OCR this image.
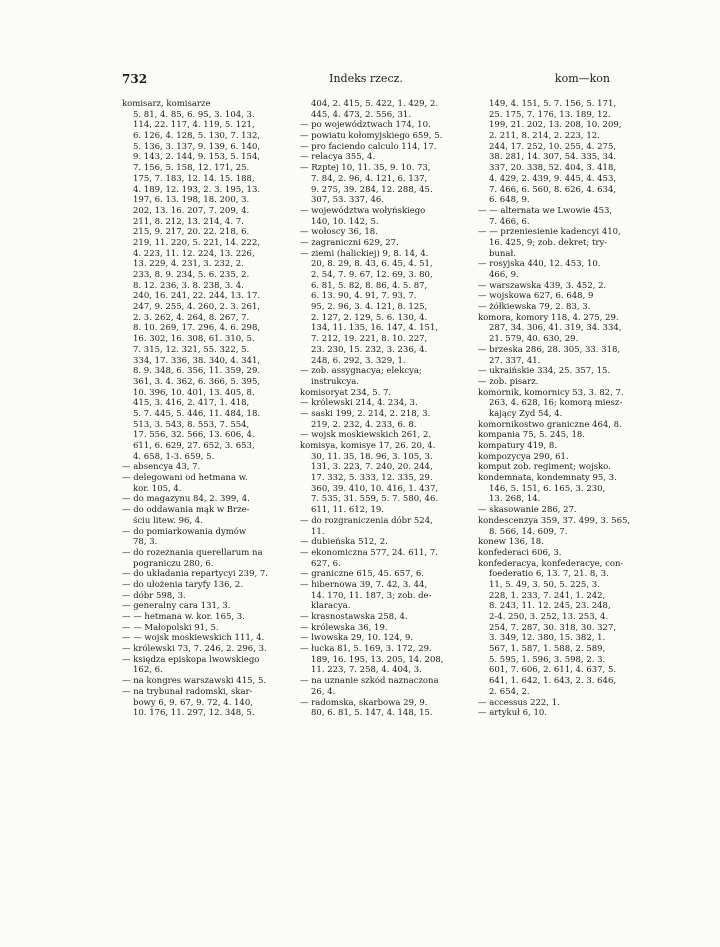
732	Indeks rzecz.	kom—kon
komisarz, komisarze
5. 81, 4. 85, 6. 95, 3. 104, 3.
114, 22. 117, 4. 119, 5. 121,
6. 126, 4. 128, 5. 130, 7. 132,
5. 136, 3. 137, 9. 139, 6. 140,
9. 143, 2. 144, 9. 153, 5. 154,
7. 156, 5. 158, 12. 171, 25.
175, 7. 183, 12. 14. 15. 188,
4. 189, 12. 193, 2. 3. 195, 13.
197, 6. 13. 198, 18. 200, 3.
202, 13. 16. 207, 7. 209, 4.
211, 8. 212, 13. 214, 4. 7.
215, 9. 217, 20. 22. 218, 6.
219, 11. 220, 5. 221, 14. 222,
4. 223, 11. 12. 224, 13. 226,
13. 229, 4. 231, 3. 232, 2.
233, 8. 9. 234, 5. 6. 235, 2.
8. 12. 236, 3. 8. 238, 3. 4.
240, 16. 241, 22. 244, 13. 17.
247, 9. 255, 4. 260, 2. 3. 261,
2. 3. 262, 4. 264, 8. 267, 7.
8. 10. 269, 17. 296, 4. 6. 298,
16. 302, 16. 308, 61. 310, 5.
7. 315, 12. 321, 55. 322, 5.
334, 17. 336, 38. 340, 4. 341,
8. 9. 348, 6. 356, 11. 359, 29.
361, 3. 4. 362, 6. 366, 5. 395,
10. 396, 10. 401, 13. 405, 8.
415, 3. 416, 2. 417, 1. 418,
5. 7. 445, 5. 446, 11. 484, 18.
513, 3. 543, 8. 553, 7. 554,
17. 556, 32. 566, 13. 606, 4.
611, 6. 629, 27. 652, 3. 653,
4. 658, 1-3. 659, 5.
— absencya 43, 7.
— delegowani od hetmana w.
kor. 105, 4.
— do magazynu 84, 2. 399, 4.
— do oddawania mąk w Brze-
ściu litew. 96, 4.
— do pomiarkowania dymów
78, 3.
— do rozeznania querellarum na
pograniczu 280, 6.
— do układania repartycyi 239, 7.
— do ułożenia taryfy 136, 2.
— dóbr 598, 3.
— generalny cara 131, 3.
— — hetmana w. kor. 165, 3.
— — Małopolski 91, 5.
— — wojsk moskiewskich 111, 4.
— królewski 73, 7. 246, 2. 296, 3.
— księdza episkopa lwowskiego
162, 6.
— na kongres warszawski 415, 5.
— na trybunał radomski, skar-
bowy 6, 9. 67, 9. 72, 4. 140,
10. 176, 11. 297, 12. 348, 5.
404, 2. 415, 5. 422, 1. 429, 2.
445, 4. 473, 2. 556, 31.
— po województwach 174, 10.
— powiatu kołomyjskiego 659, 5.
— pro faciendo calculo 114, 17.
— relacya 355, 4.
— Rzptej 10, 11. 35, 9. 10. 73,
7. 84, 2. 96, 4. 121, 6. 137,
9. 275, 39. 284, 12. 288, 45.
307, 53. 337, 46.
— województwa wołyńskiego
140, 10. 142, 5.
— wołoscy 36, 18.
— zagraniczni 629, 27.
— ziemi (halickiej) 9, 8. 14, 4.
20, 8. 29, 8. 43, 6. 45, 4. 51,
2. 54, 7. 9. 67, 12. 69, 3. 80,
6. 81, 5. 82, 8. 86, 4. 5. 87,
6. 13. 90, 4. 91, 7. 93, 7.
95, 2. 96, 3. 4. 121, 8. 125,
2. 127, 2. 129, 5. 6. 130, 4.
134, 11. 135, 16. 147, 4. 151,
7. 212, 19. 221, 8. 10. 227,
23. 230, 15. 232, 3. 236, 4.
248, 6. 292, 3. 329, 1.
— zob. assygnacya; elekcya;
instrukcya.
komisoryat 234, 5. 7.
— królewski 214, 4. 234, 3.
— saski 199, 2. 214, 2. 218, 3.
219, 2. 232, 4. 233, 6. 8.
— wojsk moskiewskich 261, 2.
komisya, komisye 17, 26. 20, 4.
30, 11. 35, 18. 96, 3. 105, 3.
131, 3. 223, 7. 240, 20. 244,
17. 332, 5. 333, 12. 335, 29.
360, 39. 410, 10. 416, 1. 437,
7. 535, 31. 559, 5. 7. 580, 46.
611, 11. 612, 19.
— do rozgraniczenia dóbr 524,
11.
— dubieńska 512, 2.
— ekonomiczna 577, 24. 611, 7.
627, 6.
— graniczne 615, 45. 657, 6.
— hibernowa 39, 7. 42, 3. 44,
14. 170, 11. 187, 3; zob. de-
klaracya.
— krasnostawska 258, 4.
— królewska 36, 19.
— lwowska 29, 10. 124, 9.
— łucka 81, 5. 169, 3. 172, 29.
189, 16. 195, 13. 205, 14. 208,
11. 223, 7. 258, 4. 404, 3.
— na uznanie szkód naznaczona
26, 4.
— radomska, skarbowa 29, 9.
80, 6. 81, 5. 147, 4. 148, 15.
149, 4. 151, 5. 7. 156, 5. 171,
25. 175, 7. 176, 13. 189, 12.
199, 21. 202, 13. 208, 10. 209,
2. 211, 8. 214, 2. 223, 12.
244, 17. 252, 10. 255, 4. 275,
38. 281, 14. 307, 54. 335, 34.
337, 20. 338, 52. 404, 3. 418,
4. 429, 2. 439, 9. 445, 4. 453,
7. 466, 6. 560, 8. 626, 4. 634,
6. 648, 9.
— — alternata we Lwowie 453,
7. 466, 6.
— — przeniesienie kadencyi 410,
16. 425, 9; zob. dekret; try-
bunał.
— rosyjska 440, 12. 453, 10.
466, 9.
— warszawska 439, 3. 452, 2.
— wojskowa 627, 6. 648, 9
— żółkiewska 79, 2. 83, 3.
komora, komory 118, 4. 275, 29.
287, 34. 306, 41. 319, 34. 334,
21. 579, 40. 630, 29.
— brzeska 286, 28. 305, 33. 318,
27. 337, 41.
— ukraińskie 334, 25. 357, 15.
— zob. pisarz.
komornik, komornicy 53, 3. 82, 7.
263, 4. 628, 16; komorą miesz-
kający Żyd 54, 4.
komornikostwo graniczne 464, 8.
kompania 75, 5. 245, 18.
kompatury 419, 8.
kompozycya 290, 61.
komput zob. regiment; wojsko.
kondemnata, kondemnaty 95, 3.
146, 5. 151, 6. 165, 3. 230,
13. 268, 14.
— skasowanie 286, 27.
kondescenzya 359, 37. 499, 3. 565,
8. 566, 14. 609, 7.
konew 136, 18.
konfederaci 606, 3.
konfederacya, konfederacye, con-
foederatio 6, 13. 7, 21. 8, 3.
11, 5. 49, 3. 50, 5. 225, 3.
228, 1. 233, 7. 241, 1. 242,
8. 243, 11. 12. 245, 23. 248,
2-4. 250, 3. 252, 13. 253, 4.
254, 7. 287, 30. 318, 30. 327,
3. 349, 12. 380, 15. 382, 1.
567, 1. 587, 1. 588, 2. 589,
5. 595, 1. 596, 3. 598, 2. 3.
601, 7. 606, 2. 611, 4. 637, 5.
641, 1. 642, 1. 643, 2. 3. 646,
2. 654, 2.
— accessus 222, 1.
— artykuł 6, 10.
